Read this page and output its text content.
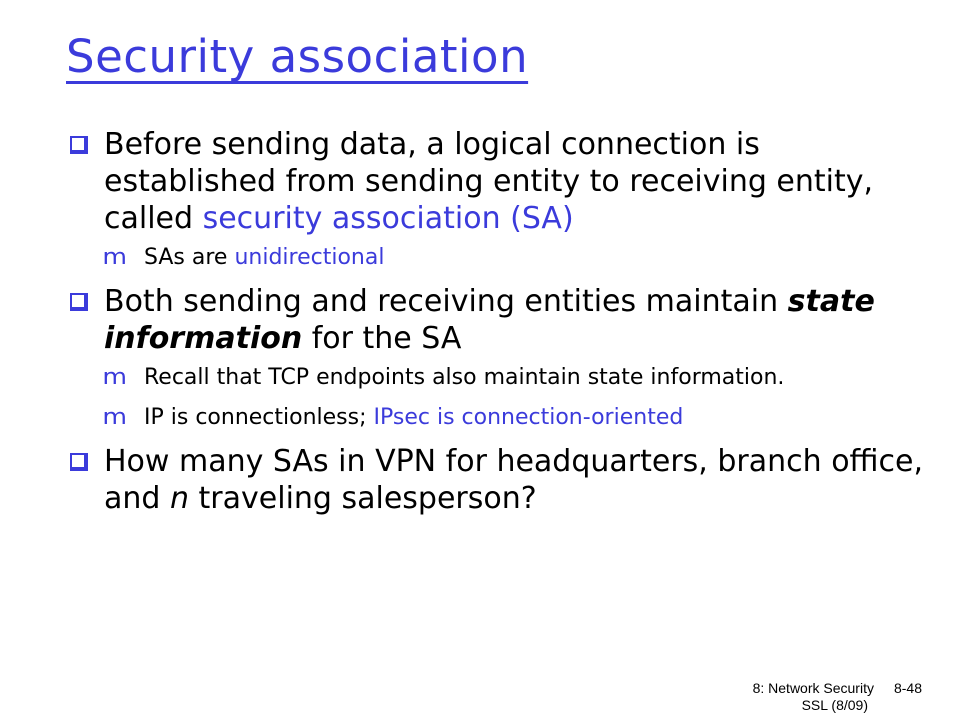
Security association
Before sending data, a logical connection is established from sending entity to receiving entity, called security association (SA)
m SAs are unidirectional
Both sending and receiving entities maintain state information for the SA
m Recall that TCP endpoints also maintain state information.
m IP is connectionless; IPsec is connection-oriented
How many SAs in VPN for headquarters, branch office, and n traveling salesperson?
8: Network Security 8-48
SSL (8/09)
